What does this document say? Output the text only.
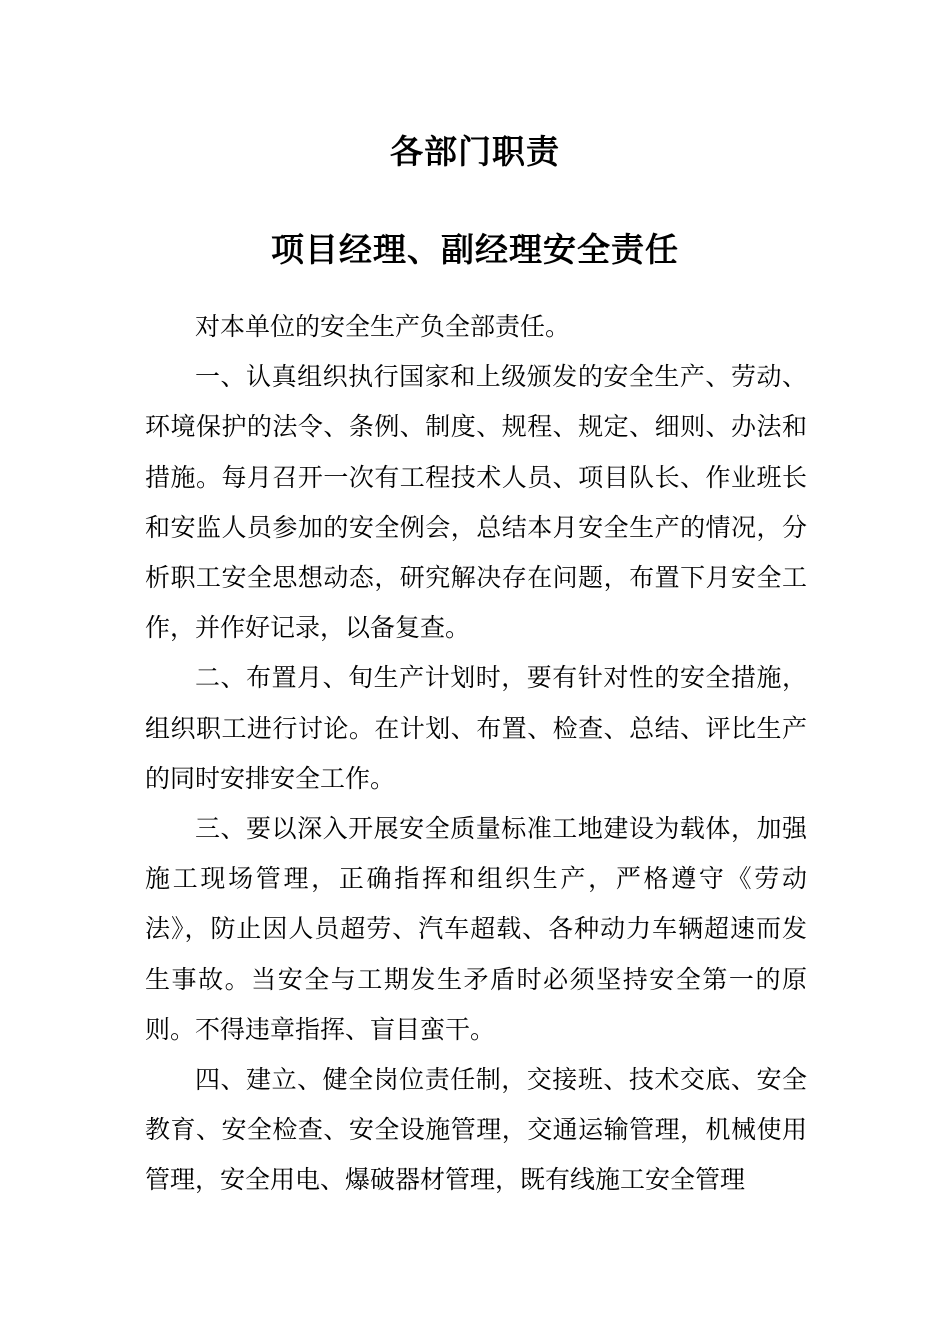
各部门职责
项目经理、副经理安全责任

对本单位的安全生产负全部责任。

一、认真组织执行国家和上级颁发的安全生产、劳动、环境保护的法令、条例、制度、规程、规定、细则、办法和措施。每月召开一次有工程技术人员、项目队长、作业班长和安监人员参加的安全例会，总结本月安全生产的情况，分析职工安全思想动态，研究解决存在问题，布置下月安全工作，并作好记录，以备复查。

二、布置月、旬生产计划时，要有针对性的安全措施，组织职工进行讨论。在计划、布置、检查、总结、评比生产的同时安排安全工作。

三、要以深入开展安全质量标准工地建设为载体，加强施工现场管理，正确指挥和组织生产，严格遵守《劳动法》，防止因人员超劳、汽车超载、各种动力车辆超速而发生事故。当安全与工期发生矛盾时必须坚持安全第一的原则。不得违章指挥、盲目蛮干。

四、建立、健全岗位责任制，交接班、技术交底、安全教育、安全检查、安全设施管理，交通运输管理，机械使用管理，安全用电、爆破器材管理，既有线施工安全管理
